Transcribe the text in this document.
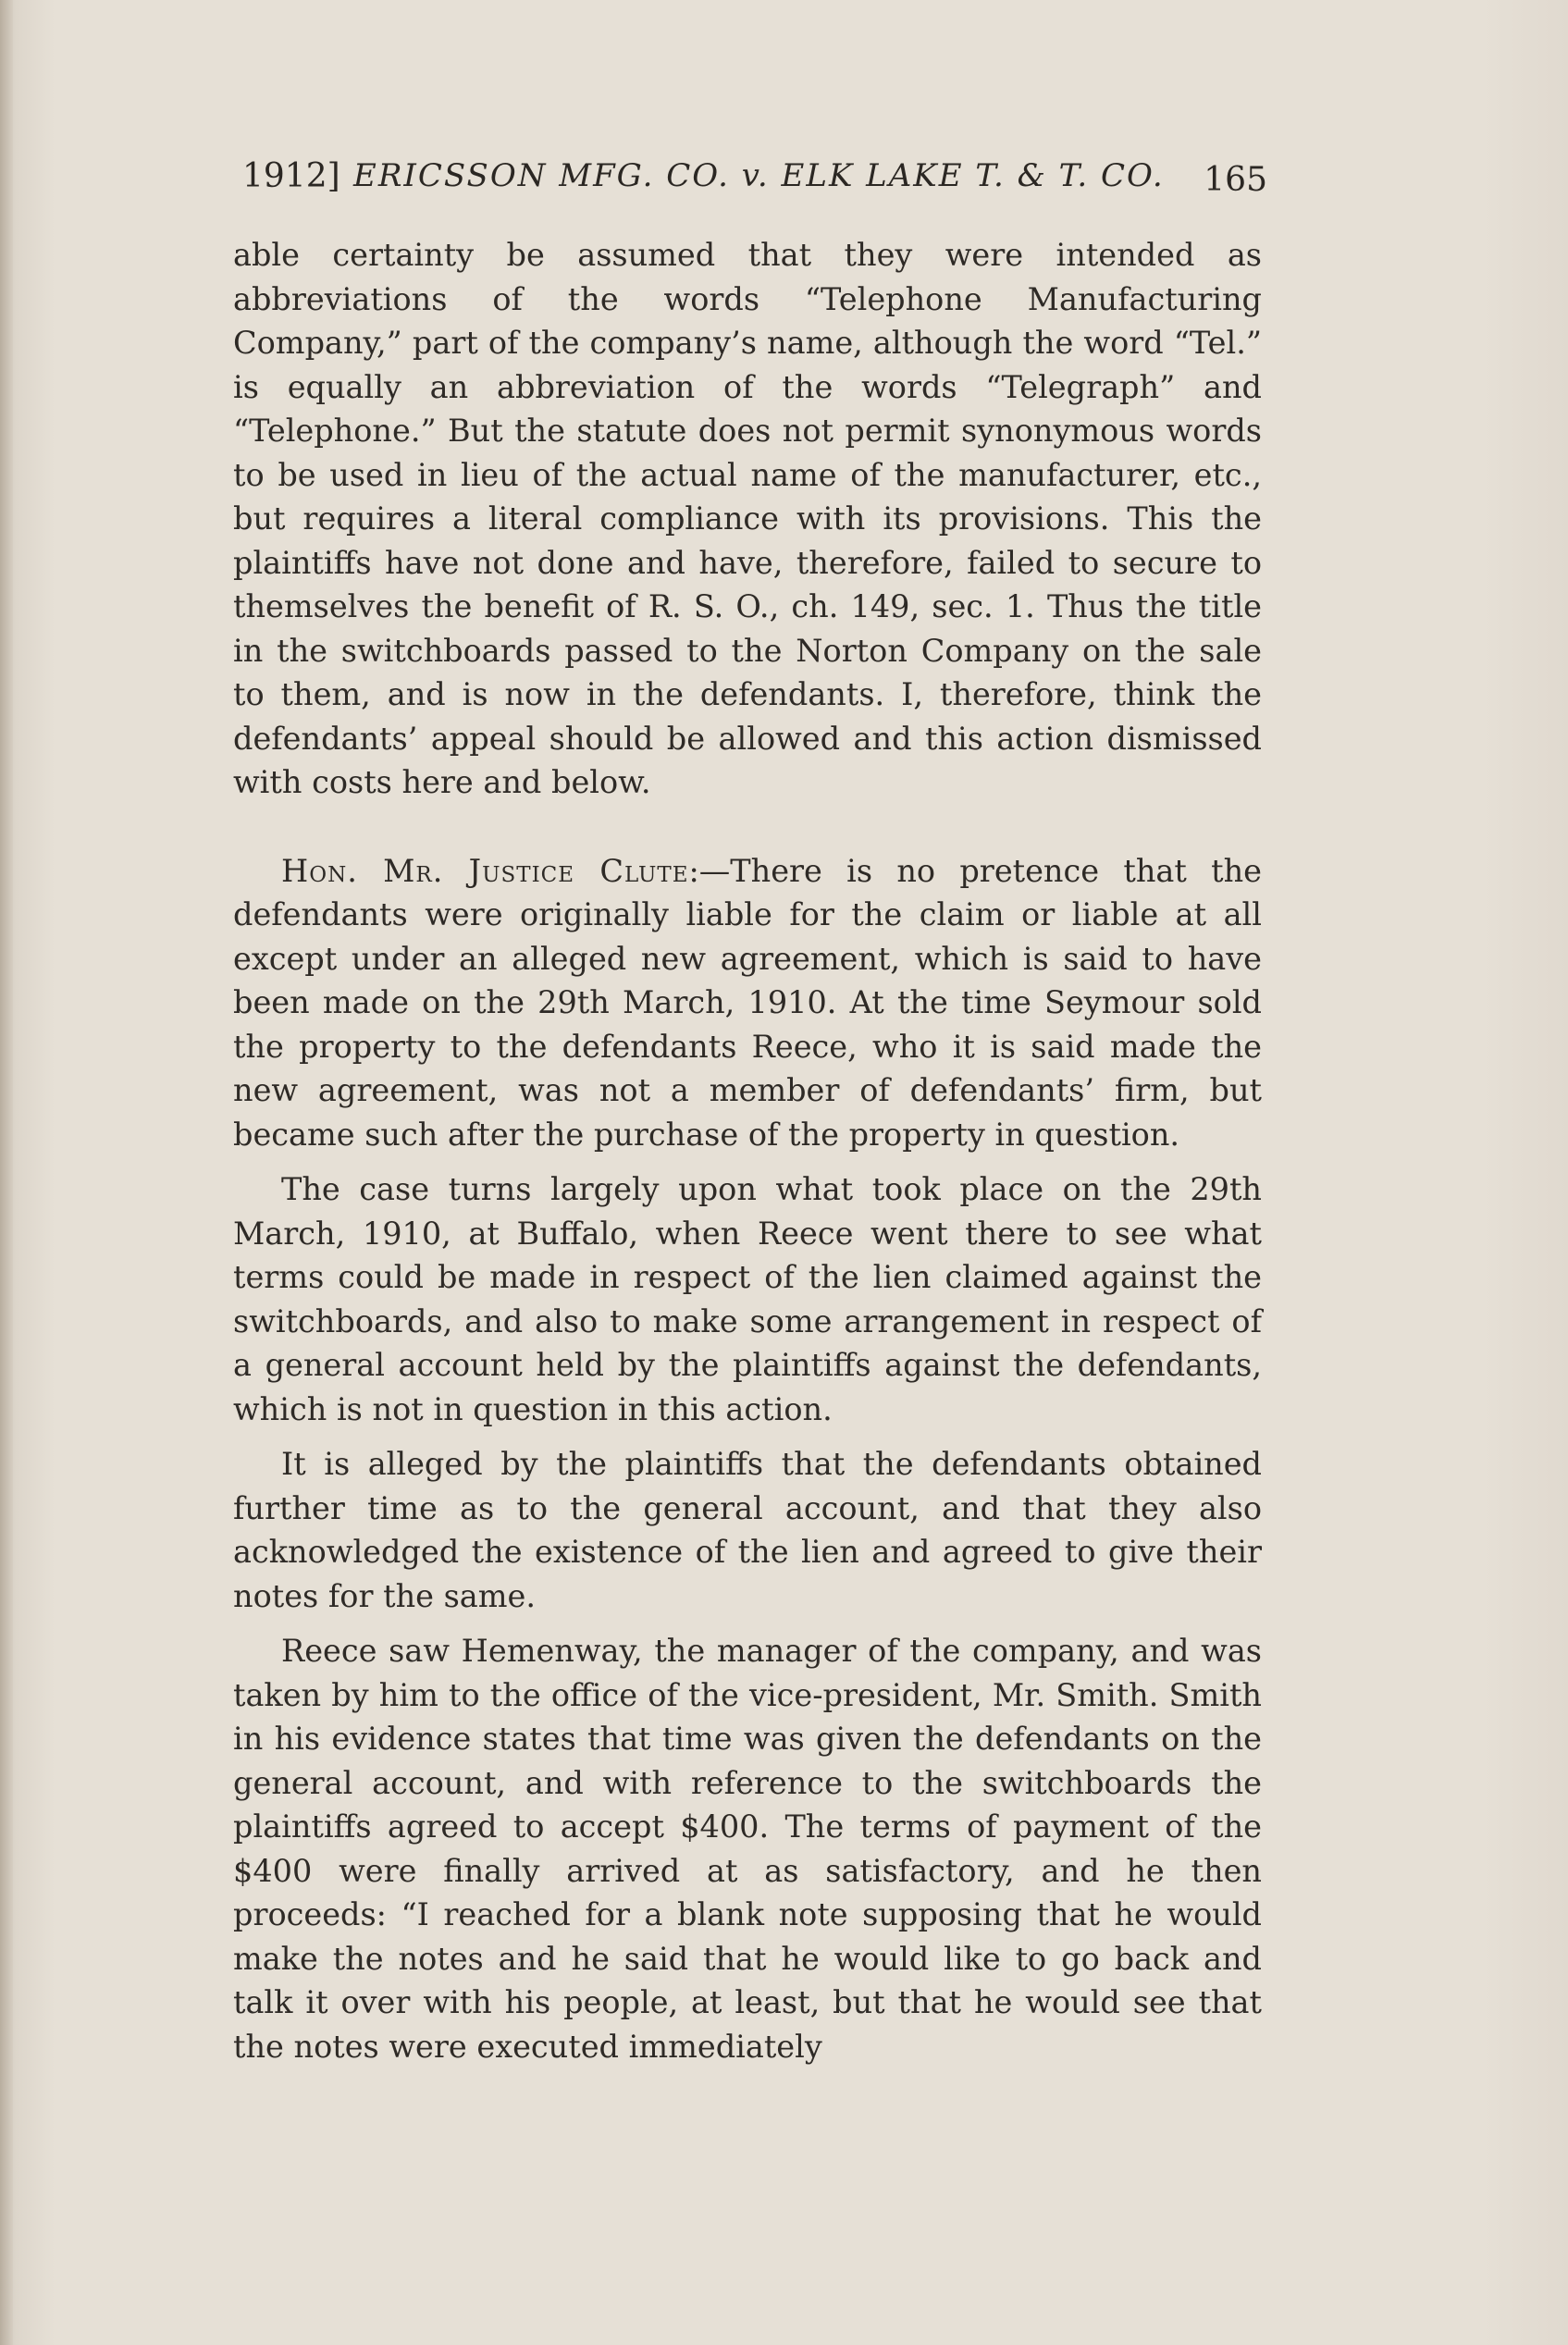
1912] ERICSSON MFG. CO. v. ELK LAKE T. & T. CO. 165

able certainty be assumed that they were intended as abbreviations of the words “Telephone Manufacturing Company,” part of the company’s name, although the word “Tel.” is equally an abbreviation of the words “Telegraph” and “Telephone.” But the statute does not permit synonymous words to be used in lieu of the actual name of the manufacturer, etc., but requires a literal compliance with its provisions. This the plaintiffs have not done and have, therefore, failed to secure to themselves the benefit of R. S. O., ch. 149, sec. 1. Thus the title in the switchboards passed to the Norton Company on the sale to them, and is now in the defendants. I, therefore, think the defendants’ appeal should be allowed and this action dismissed with costs here and below.

Hon. Mr. Justice Clute:—There is no pretence that the defendants were originally liable for the claim or liable at all except under an alleged new agreement, which is said to have been made on the 29th March, 1910. At the time Seymour sold the property to the defendants Reece, who it is said made the new agreement, was not a member of defendants’ firm, but became such after the purchase of the property in question.

The case turns largely upon what took place on the 29th March, 1910, at Buffalo, when Reece went there to see what terms could be made in respect of the lien claimed against the switchboards, and also to make some arrangement in respect of a general account held by the plaintiffs against the defendants, which is not in question in this action.

It is alleged by the plaintiffs that the defendants obtained further time as to the general account, and that they also acknowledged the existence of the lien and agreed to give their notes for the same.

Reece saw Hemenway, the manager of the company, and was taken by him to the office of the vice-president, Mr. Smith. Smith in his evidence states that time was given the defendants on the general account, and with reference to the switchboards the plaintiffs agreed to accept $400. The terms of payment of the $400 were finally arrived at as satisfactory, and he then proceeds: “I reached for a blank note supposing that he would make the notes and he said that he would like to go back and talk it over with his people, at least, but that he would see that the notes were executed immediately
